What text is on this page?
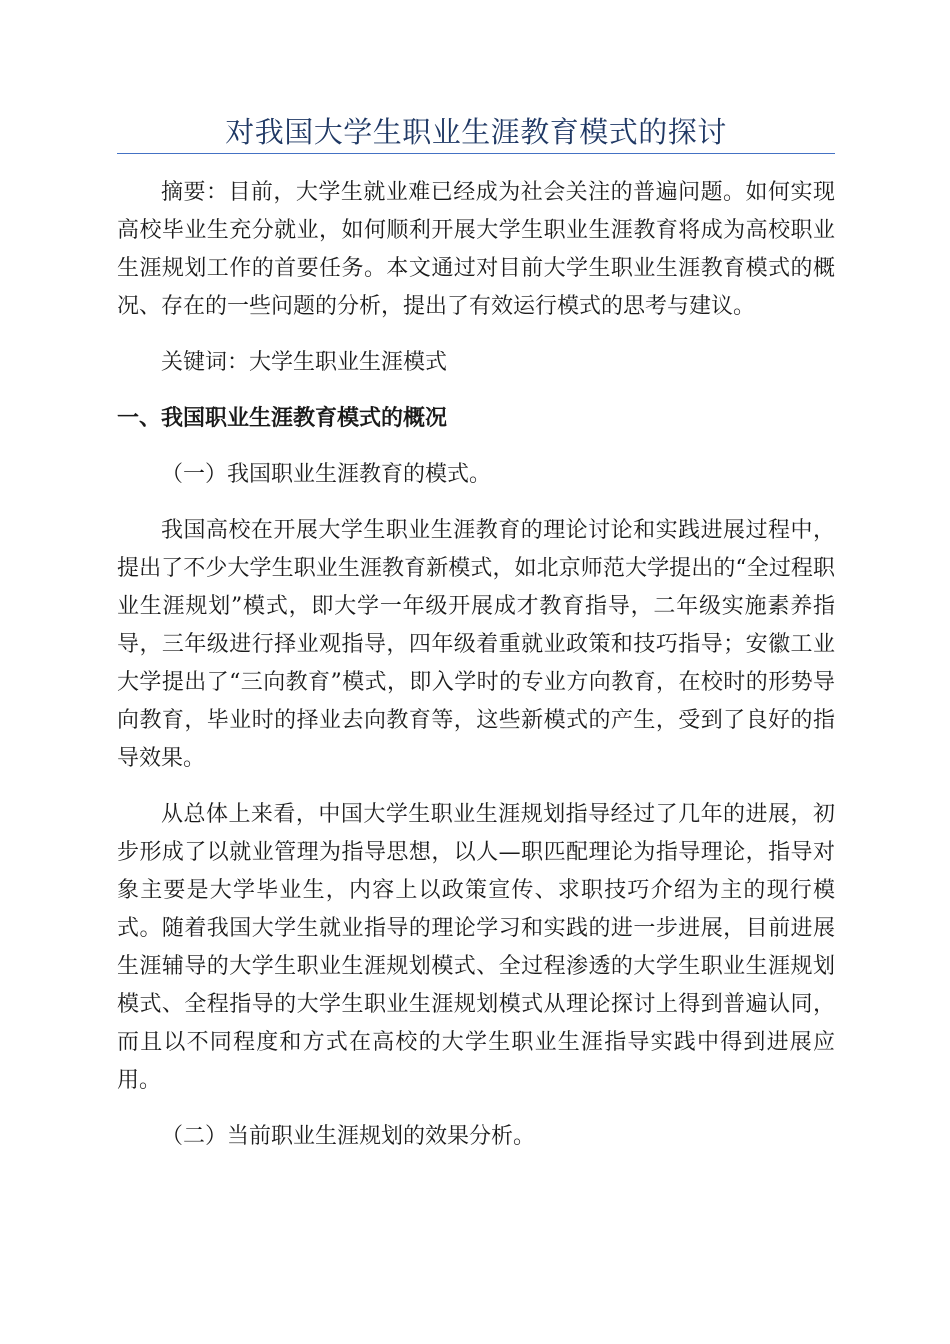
对我国大学生职业生涯教育模式的探讨

摘要：目前，大学生就业难已经成为社会关注的普遍问题。如何实现高校毕业生充分就业，如何顺利开展大学生职业生涯教育将成为高校职业生涯规划工作的首要任务。本文通过对目前大学生职业生涯教育模式的概况、存在的一些问题的分析，提出了有效运行模式的思考与建议。

关键词：大学生职业生涯模式

一、我国职业生涯教育模式的概况

（一）我国职业生涯教育的模式。

我国高校在开展大学生职业生涯教育的理论讨论和实践进展过程中，提出了不少大学生职业生涯教育新模式，如北京师范大学提出的“全过程职业生涯规划”模式，即大学一年级开展成才教育指导，二年级实施素养指导，三年级进行择业观指导，四年级着重就业政策和技巧指导；安徽工业大学提出了“三向教育”模式，即入学时的专业方向教育，在校时的形势导向教育，毕业时的择业去向教育等，这些新模式的产生，受到了良好的指导效果。

从总体上来看，中国大学生职业生涯规划指导经过了几年的进展，初步形成了以就业管理为指导思想，以人—职匹配理论为指导理论，指导对象主要是大学毕业生，内容上以政策宣传、求职技巧介绍为主的现行模式。随着我国大学生就业指导的理论学习和实践的进一步进展，目前进展生涯辅导的大学生职业生涯规划模式、全过程渗透的大学生职业生涯规划模式、全程指导的大学生职业生涯规划模式从理论探讨上得到普遍认同，而且以不同程度和方式在高校的大学生职业生涯指导实践中得到进展应用。

（二）当前职业生涯规划的效果分析。
